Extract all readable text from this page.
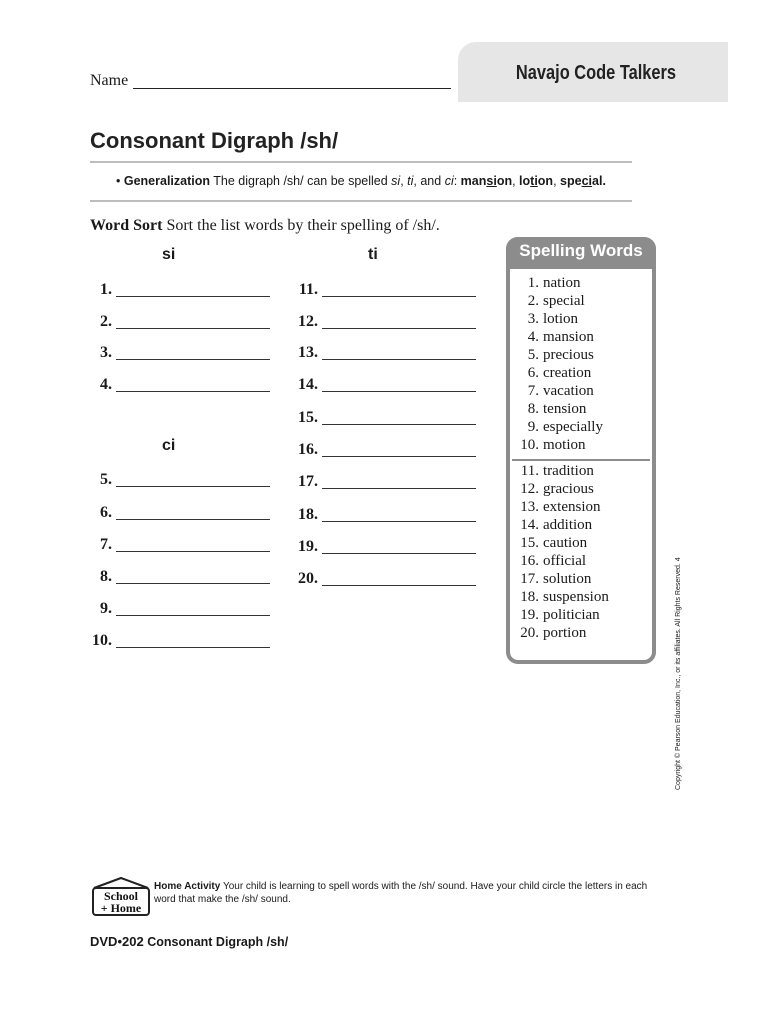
Navajo Code Talkers
Name
Consonant Digraph /sh/
• Generalization The digraph /sh/ can be spelled si, ti, and ci: mansion, lotion, special.
Word Sort Sort the list words by their spelling of /sh/.
si	ti
ci
1.
2.
3.
4.
5.
6.
7.
8.
9.
10.
11.
12.
13.
14.
15.
16.
17.
18.
19.
20.
Spelling Words
1. nation
2. special
3. lotion
4. mansion
5. precious
6. creation
7. vacation
8. tension
9. especially
10. motion
11. tradition
12. gracious
13. extension
14. addition
15. caution
16. official
17. solution
18. suspension
19. politician
20. portion	Copyright © Pearson Education, Inc., or its affiliates. All Rights Reserved. 4
School
+ Home
Home Activity Your child is learning to spell words with the /sh/ sound. Have your child circle the letters in each word that make the /sh/ sound.
DVD•202 Consonant Digraph /sh/
